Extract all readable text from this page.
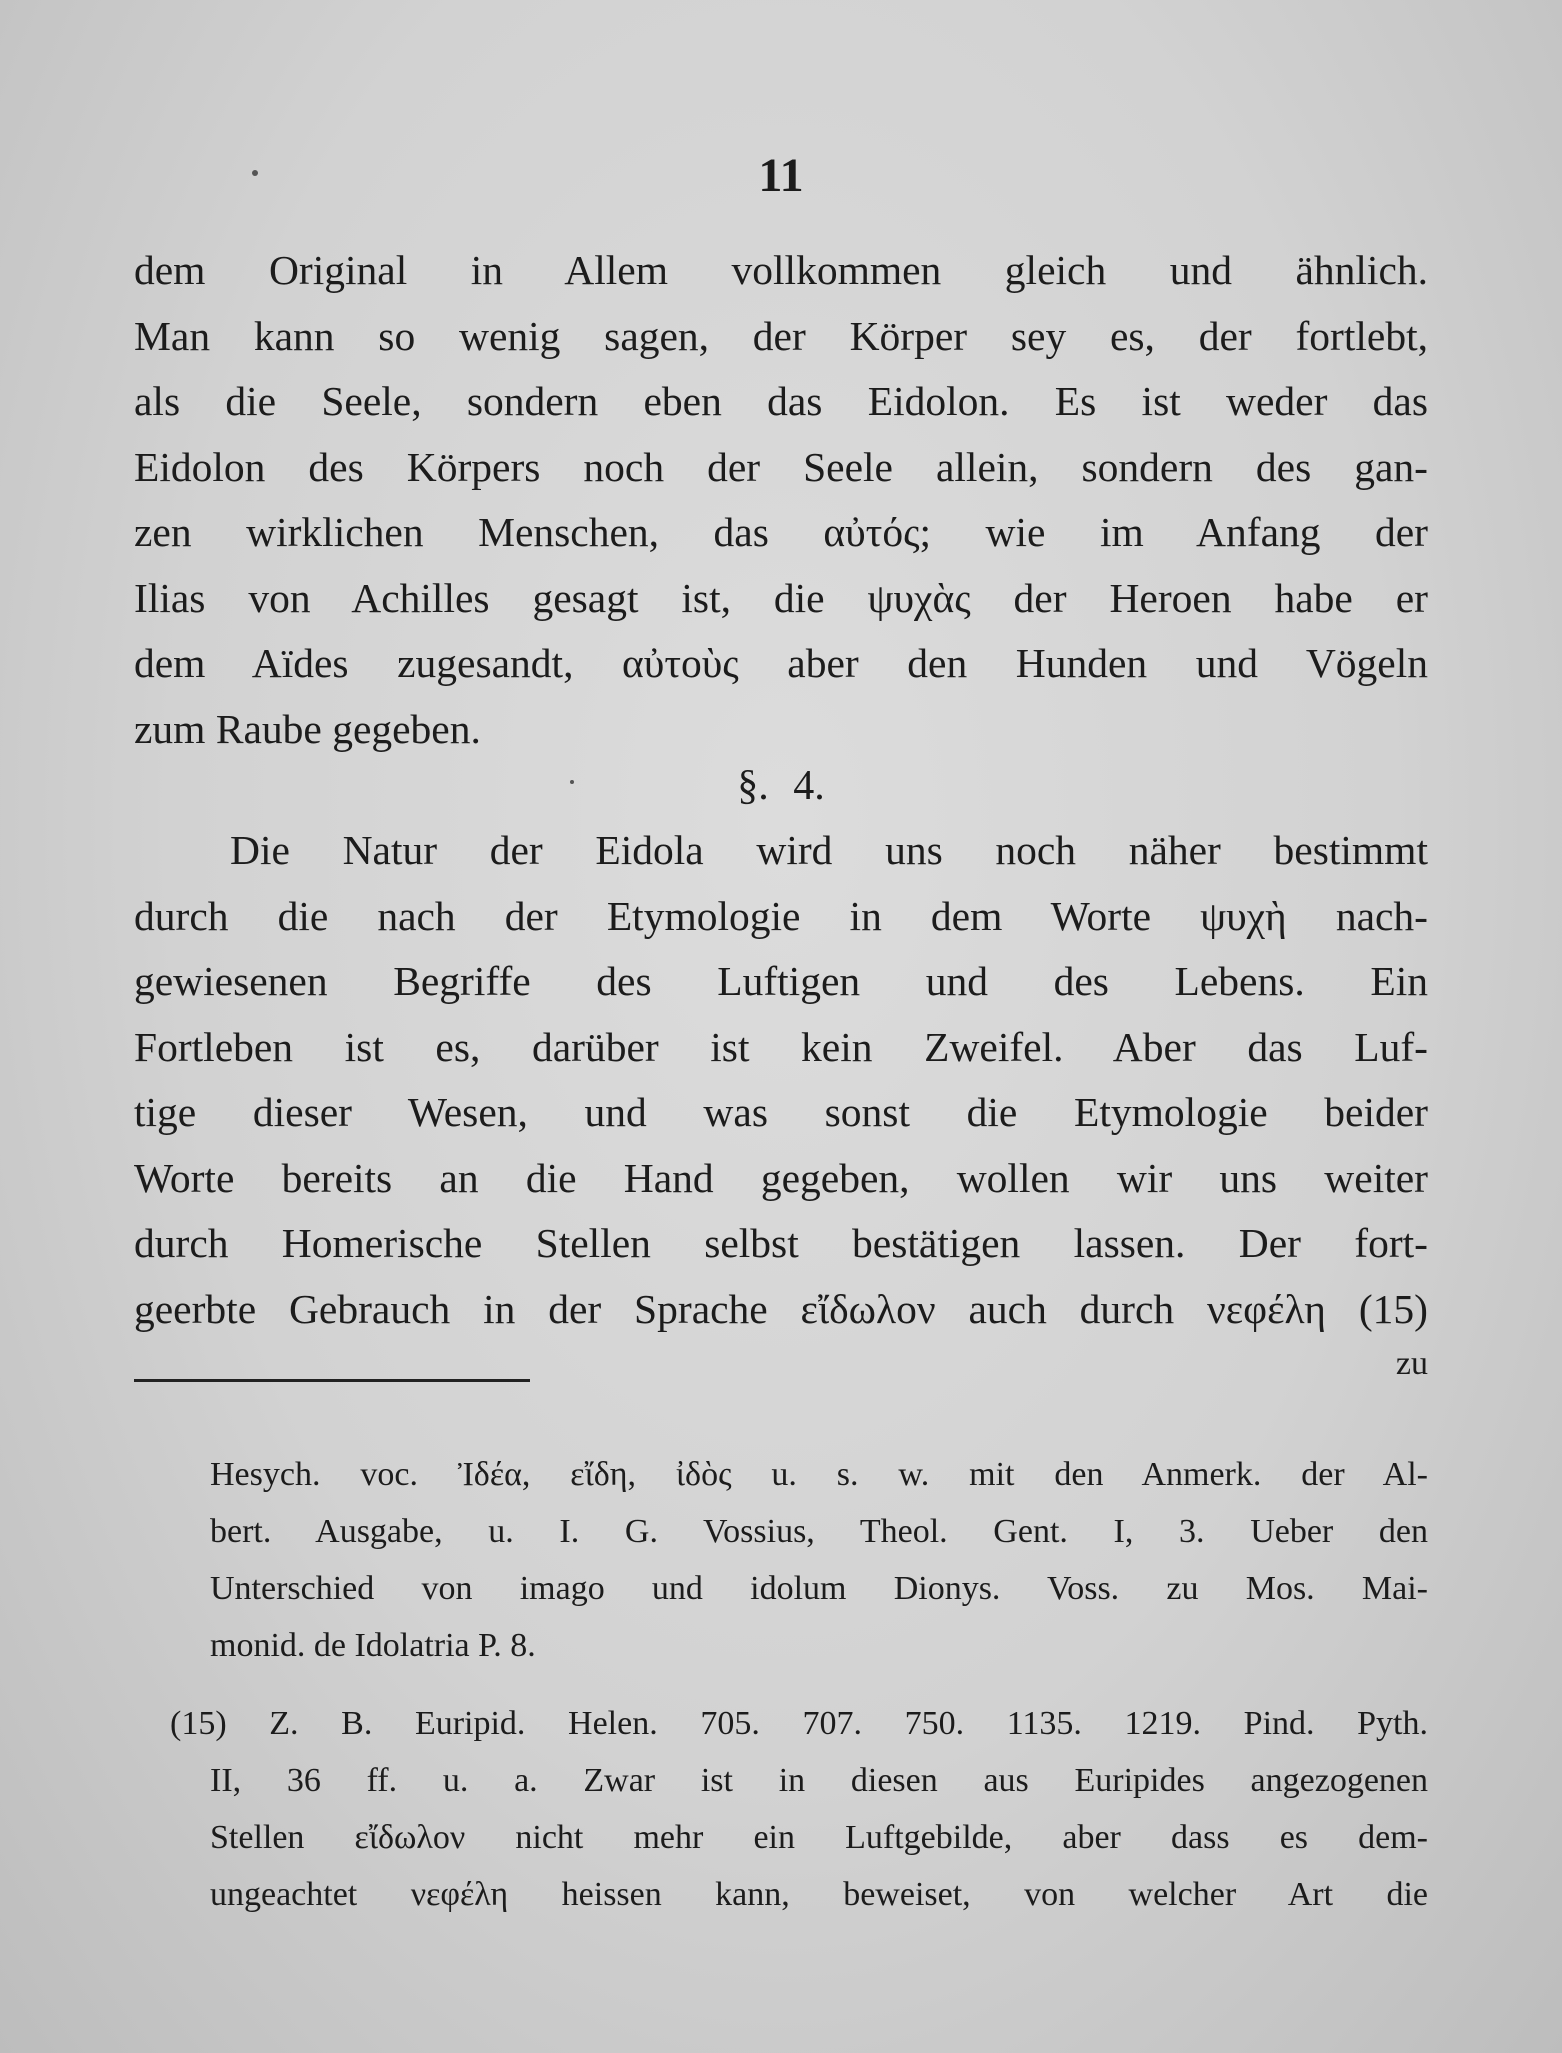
11
dem Original in Allem vollkommen gleich und ähnlich.
Man kann so wenig sagen, der Körper sey es, der fortlebt,
als die Seele, sondern eben das Eidolon. Es ist weder das
Eidolon des Körpers noch der Seele allein, sondern des gan-
zen wirklichen Menschen, das αὐτός; wie im Anfang der
Ilias von Achilles gesagt ist, die ψυχὰς der Heroen habe er
dem Aïdes zugesandt, αὐτοὺς aber den Hunden und Vögeln
zum Raube gegeben.
§. 4.
Die Natur der Eidola wird uns noch näher bestimmt
durch die nach der Etymologie in dem Worte ψυχὴ nach-
gewiesenen Begriffe des Luftigen und des Lebens. Ein
Fortleben ist es, darüber ist kein Zweifel. Aber das Luf-
tige dieser Wesen, und was sonst die Etymologie beider
Worte bereits an die Hand gegeben, wollen wir uns weiter
durch Homerische Stellen selbst bestätigen lassen. Der fort-
geerbte Gebrauch in der Sprache εἴδωλον auch durch νεφέλη (15)
zu
Hesych. voc. Ἰδέα, εἴδη, ἰδὸς u. s. w. mit den Anmerk. der Al-
bert. Ausgabe, u. I. G. Vossius, Theol. Gent. I, 3. Ueber den
Unterschied von imago und idolum Dionys. Voss. zu Mos. Mai-
monid. de Idolatria P. 8.
(15) Z. B. Euripid. Helen. 705. 707. 750. 1135. 1219. Pind. Pyth.
II, 36 ff. u. a. Zwar ist in diesen aus Euripides angezogenen
Stellen εἴδωλον nicht mehr ein Luftgebilde, aber dass es dem-
ungeachtet νεφέλη heissen kann, beweiset, von welcher Art die
